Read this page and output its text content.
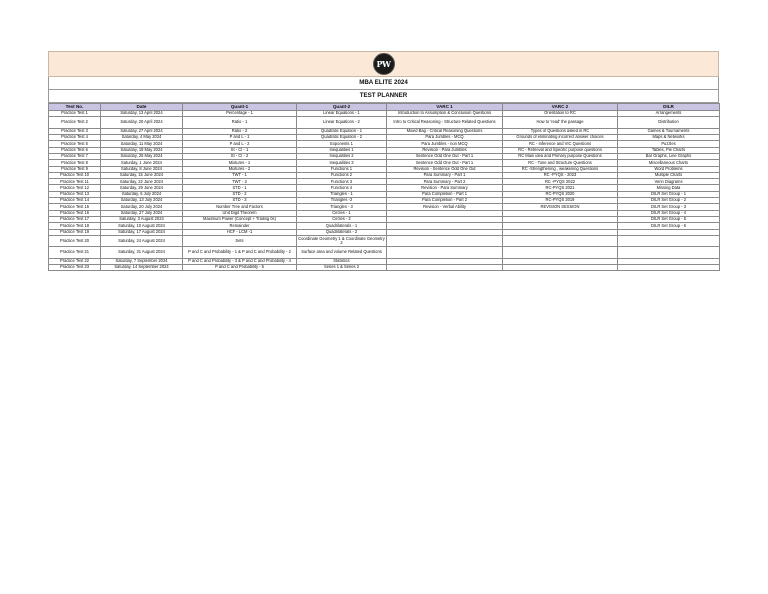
PW
MBA ELITE 2024
TEST PLANNER
Test No.	Date	Quant-1	Quant-2	VARC 1	VARC 2	DILR
Practice Test 1	Saturday, 13 April 2024	Percentage - 1	Linear Equations - 1	Introduction to Assumption & Conclusion Questions	Orientation to RC	Arrangements
Practice Test 2	Saturday, 20 April 2024	Ratio - 1	Linear Equations - 2	Intro to Critical Reasoning - Structure Related Questions	How to 'read' the passage	Distribution
Practice Test 3	Saturday, 27 April 2024	Ratio - 2	Quadratic Equation - 1	Mixed Bag - Critical Reasoning Questions	Types of Questions asked in RC	Games & Tournaments
Practice Test 4	Saturday, 4 May 2024	P and L - 1	Quadratic Equation - 2	Para Jumbles - MCQ	Grounds of eliminating incorrect answer choices	Maps & Networks
Practice Test 5	Saturday, 11 May 2024	P and L - 2	Exponents 1	Para Jumbles - non MCQ	RC - Inference and VIC Questions	Puzzles
Practice Test 6	Saturday, 18 May 2024	SI - CI - 1	Inequalities 1	Revision - Para Jumbles	RC - Retrieval and Specific purpose questions	Tables, Pie Charts
Practice Test 7	Saturday, 25 May 2024	SI - CI - 2	Inequalities 2	Sentence Odd One Out - Part 1	RC Main idea and Primary purpose Questions	Bar Graphs, Line Graphs
Practice Test 8	Saturday, 1 June 2024	Mixtures - 1	Inequalities 3	Sentence Odd One Out - Part 1	RC - Tone and Structure Questions	Miscellaneous Charts
Practice Test 9	Saturday, 8 June 2024	Mixtures - 2	Functions 1	Revision - Sentence Odd One Out	RC -Strengthening , weakening Questions	Word Problems
Practice Test 10	Saturday, 15 June 2024	TWT - 1	Functions 2	Para Summary - Part 1	RC -PYQS - 2023	Multiple Charts
Practice Test 11	Saturday, 22 June 2024	TWT - 2	Functions 3	Para Summary - Part 2	RC -PYQS 2022	Venn Diagrams
Practice Test 12	Saturday, 29 June 2024	STD - 1	Functions 4	Revision - Para Summary	RC-PYQS 2021	Missing Data
Practice Test 13	Saturday, 6 July 2024	STD - 2	Triangles - 1	Para Completion - Part 1	RC-PYQS 2020	DILR Set Group - 1
Practice Test 14	Saturday, 13 July 2024	STD - 3	Triangles -2	Para Completion - Part 2	RC-PYQS 2019	DILR Set Group - 2
Practice Test 15	Saturday, 20 July 2024	Number Tree and Factors	Triangles - 3	Revision - Verbal Ability	REVISION SESSION	DILR Set Group - 3
Practice Test 16	Saturday, 27 July 2024	Unit Digit Theorem	Circles - 1			DILR Set Group - 4
Practice Test 17	Saturday, 3 August 2024	Maximum Power (Concept + Trailing 0s)	Circles - 2			DILR Set Group - 5
Practice Test 18	Saturday, 10 August 2024	Remainder	Quadrilaterals - 1			DILR Set Group - 6
Practice Test 19	Saturday, 17 August 2024	HCF - LCM -1	Quadrilaterals - 2			
Practice Test 20	Saturday, 24 August 2024	Sets	Coordinate Geometry 1 & Coordinate Geometry 2			
Practice Test 21	Saturday, 31 August 2024	P and C and Probability - 1 & P and C and Probability - 2	Surface area and volume Related Questions			
Practice Test 22	Saturday, 7 September 2024	P and C and Probability - 3 & P and C and Probability - 4	Statistics			
Practice Test 23	Saturday, 14 September 2024	P and C and Probability - 5	Series 1 & Series 2			
